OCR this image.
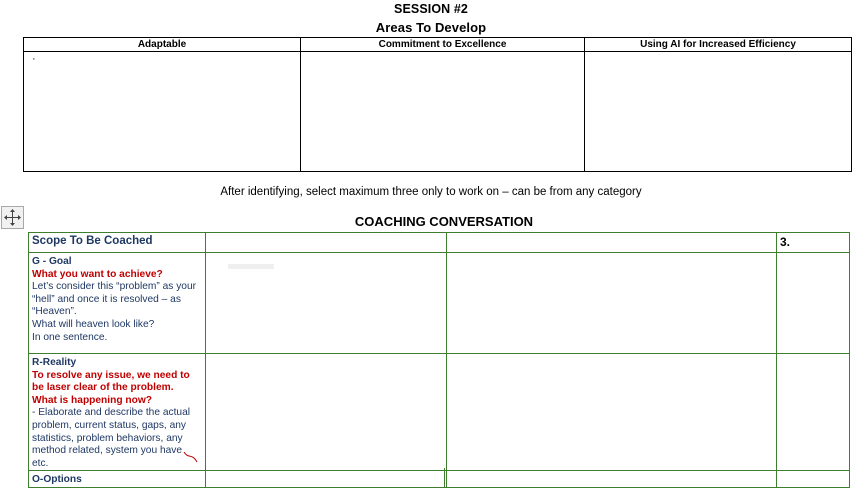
SESSION #2
Areas To Develop
Adaptable	Commitment to Excellence	Using AI for Increased Efficiency
·		
After identifying, select maximum three only to work on – can be from any category
COACHING CONVERSATION
Scope To Be Coached			3.

G - Goal
What you want to achieve?
Let’s consider this “problem” as your
“hell” and once it is resolved – as
“Heaven”.
What will heaven look like?
In one sentence.

R-Reality
To resolve any issue, we need to be laser clear of the problem.
What is happening now?
- Elaborate and describe the actual
problem, current status, gaps, any
statistics, problem behaviors, any
method related, system you have etc.

O-Options			
